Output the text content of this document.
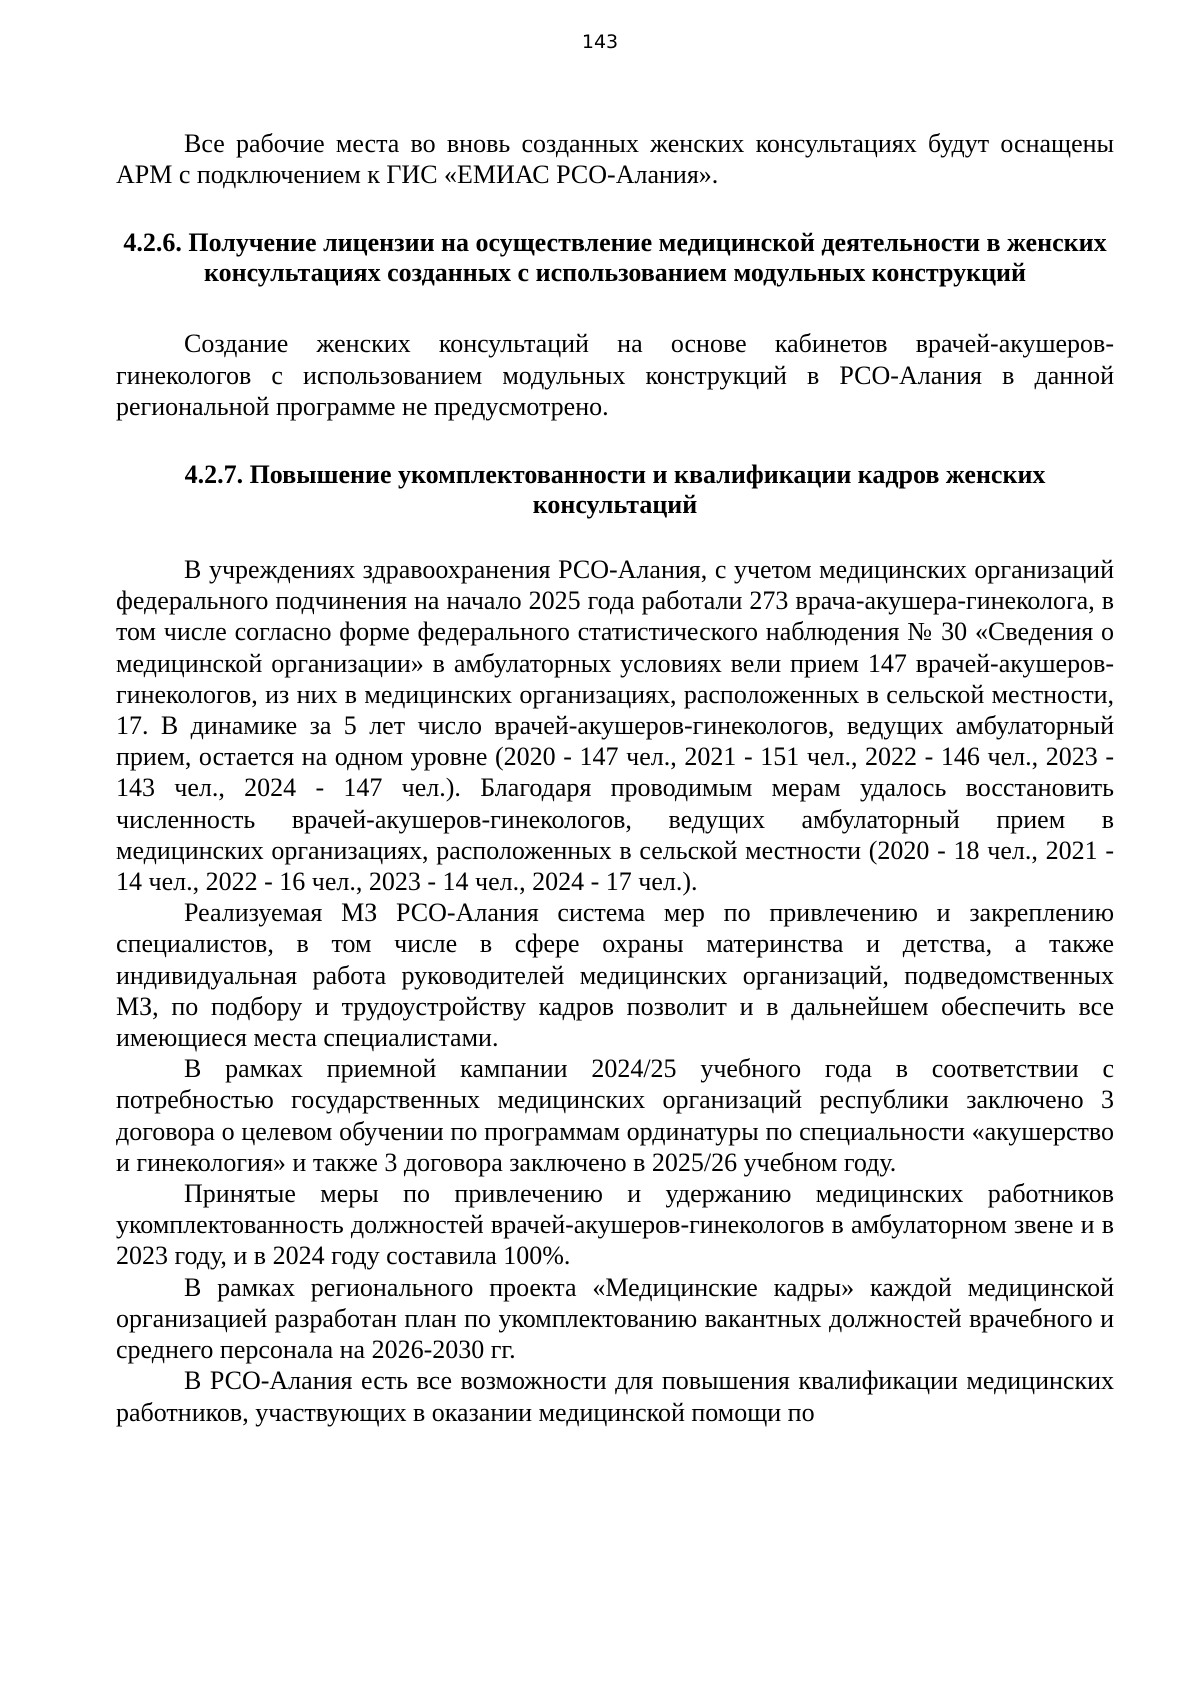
143

Все рабочие места во вновь созданных женских консультациях будут оснащены АРМ с подключением к ГИС «ЕМИАС РСО-Алания».

4.2.6. Получение лицензии на осуществление медицинской деятельности в женских консультациях созданных с использованием модульных конструкций

Создание женских консультаций на основе кабинетов врачей-акушеров-гинекологов с использованием модульных конструкций в РСО-Алания в данной региональной программе не предусмотрено.

4.2.7. Повышение укомплектованности и квалификации кадров женских консультаций

В учреждениях здравоохранения РСО-Алания, с учетом медицинских организаций федерального подчинения на начало 2025 года работали 273 врача-акушера-гинеколога, в том числе согласно форме федерального статистического наблюдения № 30 «Сведения о медицинской организации» в амбулаторных условиях вели прием 147 врачей-акушеров-гинекологов, из них в медицинских организациях, расположенных в сельской местности, 17. В динамике за 5 лет число врачей-акушеров-гинекологов, ведущих амбулаторный прием, остается на одном уровне (2020 - 147 чел., 2021 - 151 чел., 2022 - 146 чел., 2023 - 143 чел., 2024 - 147 чел.). Благодаря проводимым мерам удалось восстановить численность врачей-акушеров-гинекологов, ведущих амбулаторный прием в медицинских организациях, расположенных в сельской местности (2020 - 18 чел., 2021 - 14 чел., 2022 - 16 чел., 2023 - 14 чел., 2024 - 17 чел.).

Реализуемая МЗ РСО-Алания система мер по привлечению и закреплению специалистов, в том числе в сфере охраны материнства и детства, а также индивидуальная работа руководителей медицинских организаций, подведомственных МЗ, по подбору и трудоустройству кадров позволит и в дальнейшем обеспечить все имеющиеся места специалистами.

В рамках приемной кампании 2024/25 учебного года в соответствии с потребностью государственных медицинских организаций республики заключено 3 договора о целевом обучении по программам ординатуры по специальности «акушерство и гинекология» и также 3 договора заключено в 2025/26 учебном году.

Принятые меры по привлечению и удержанию медицинских работников укомплектованность должностей врачей-акушеров-гинекологов в амбулаторном звене и в 2023 году, и в 2024 году составила 100%.

В рамках регионального проекта «Медицинские кадры» каждой медицинской организацией разработан план по укомплектованию вакантных должностей врачебного и среднего персонала на 2026-2030 гг.

В РСО-Алания есть все возможности для повышения квалификации медицинских работников, участвующих в оказании медицинской помощи по
